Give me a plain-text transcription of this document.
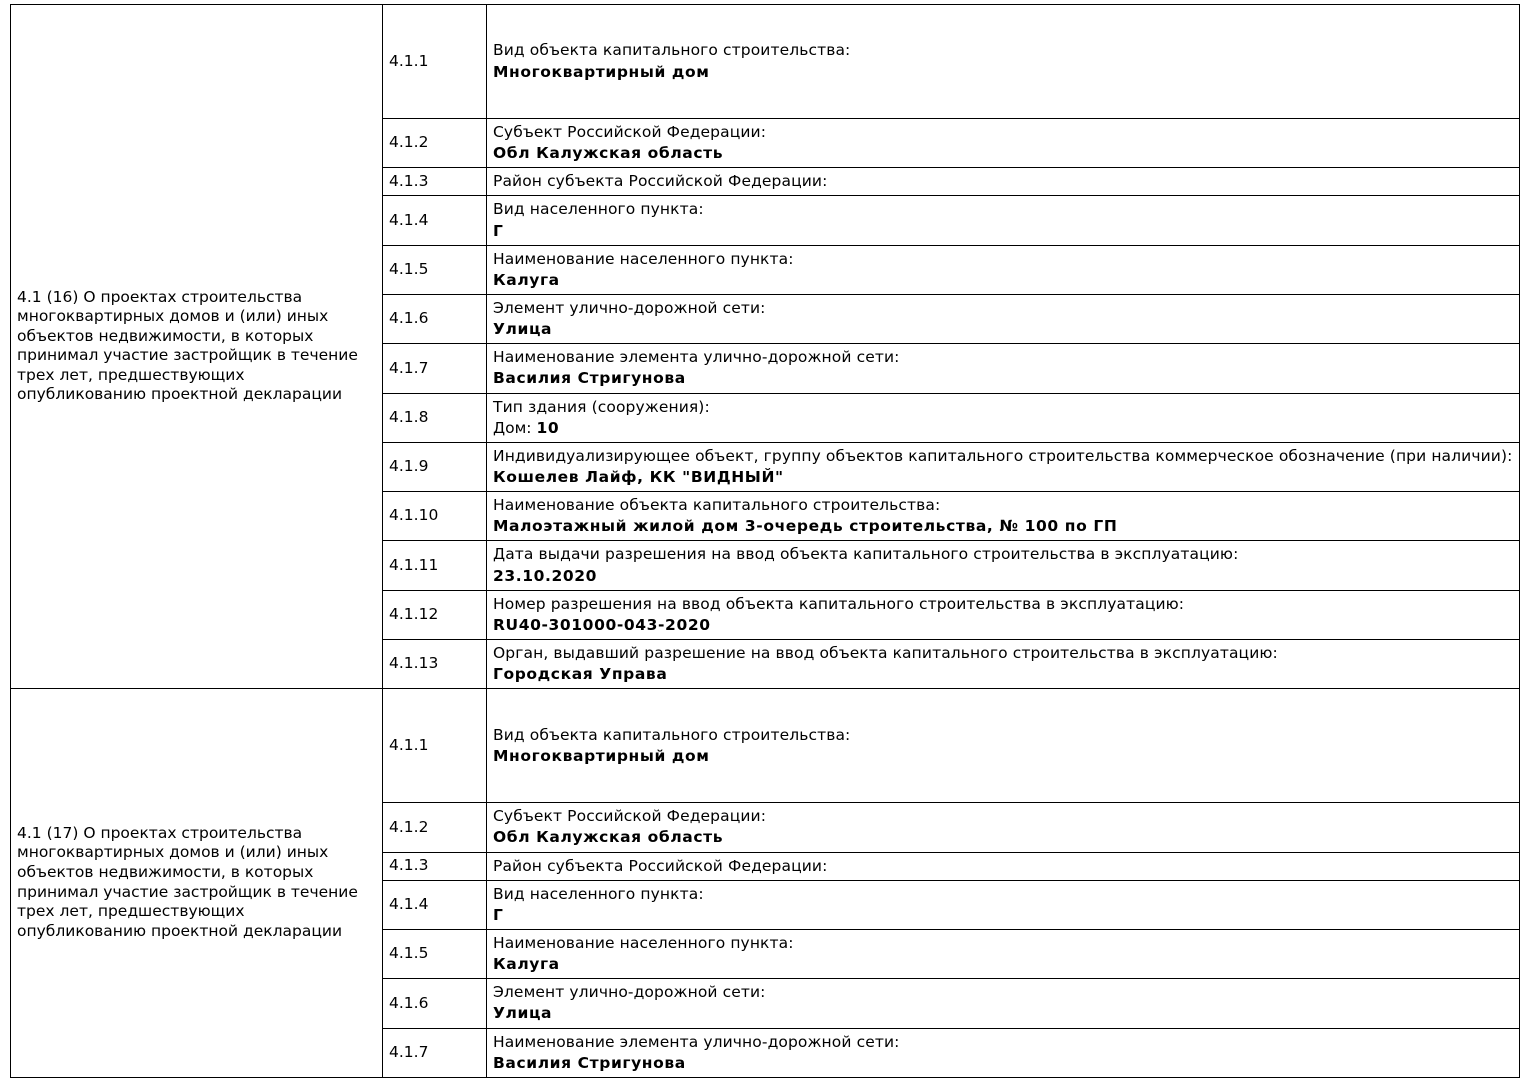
4.1 (16) О проектах строительства многоквартирных домов и (или) иных объектов недвижимости, в которых принимал участие застройщик в течение трех лет, предшествующих опубликованию проектной декларации	4.1.1	Вид объекта капитального строительства:
Многоквартирный дом

	4.1.2	Субъект Российской Федерации:
Обл Калужская область

	4.1.3	Район субъекта Российской Федерации:

	4.1.4	Вид населенного пункта:
Г

	4.1.5	Наименование населенного пункта:
Калуга

	4.1.6	Элемент улично-дорожной сети:
Улица

	4.1.7	Наименование элемента улично-дорожной сети:
Василия Стригунова

	4.1.8	Тип здания (сооружения):
Дом: 10

	4.1.9	Индивидуализирующее объект, группу объектов капитального строительства коммерческое обозначение (при наличии):
Кошелев Лайф, КК "ВИДНЫЙ"

	4.1.10	Наименование объекта капитального строительства:
Малоэтажный жилой дом 3-очередь строительства, № 100 по ГП

	4.1.11	Дата выдачи разрешения на ввод объекта капитального строительства в эксплуатацию:
23.10.2020

	4.1.12	Номер разрешения на ввод объекта капитального строительства в эксплуатацию:
RU40-301000-043-2020

	4.1.13	Орган, выдавший разрешение на ввод объекта капитального строительства в эксплуатацию:
Городская Управа

4.1 (17) О проектах строительства многоквартирных домов и (или) иных объектов недвижимости, в которых принимал участие застройщик в течение трех лет, предшествующих опубликованию проектной декларации	4.1.1	Вид объекта капитального строительства:
Многоквартирный дом

	4.1.2	Субъект Российской Федерации:
Обл Калужская область

	4.1.3	Район субъекта Российской Федерации:

	4.1.4	Вид населенного пункта:
Г

	4.1.5	Наименование населенного пункта:
Калуга

	4.1.6	Элемент улично-дорожной сети:
Улица

	4.1.7	Наименование элемента улично-дорожной сети:
Василия Стригунова
